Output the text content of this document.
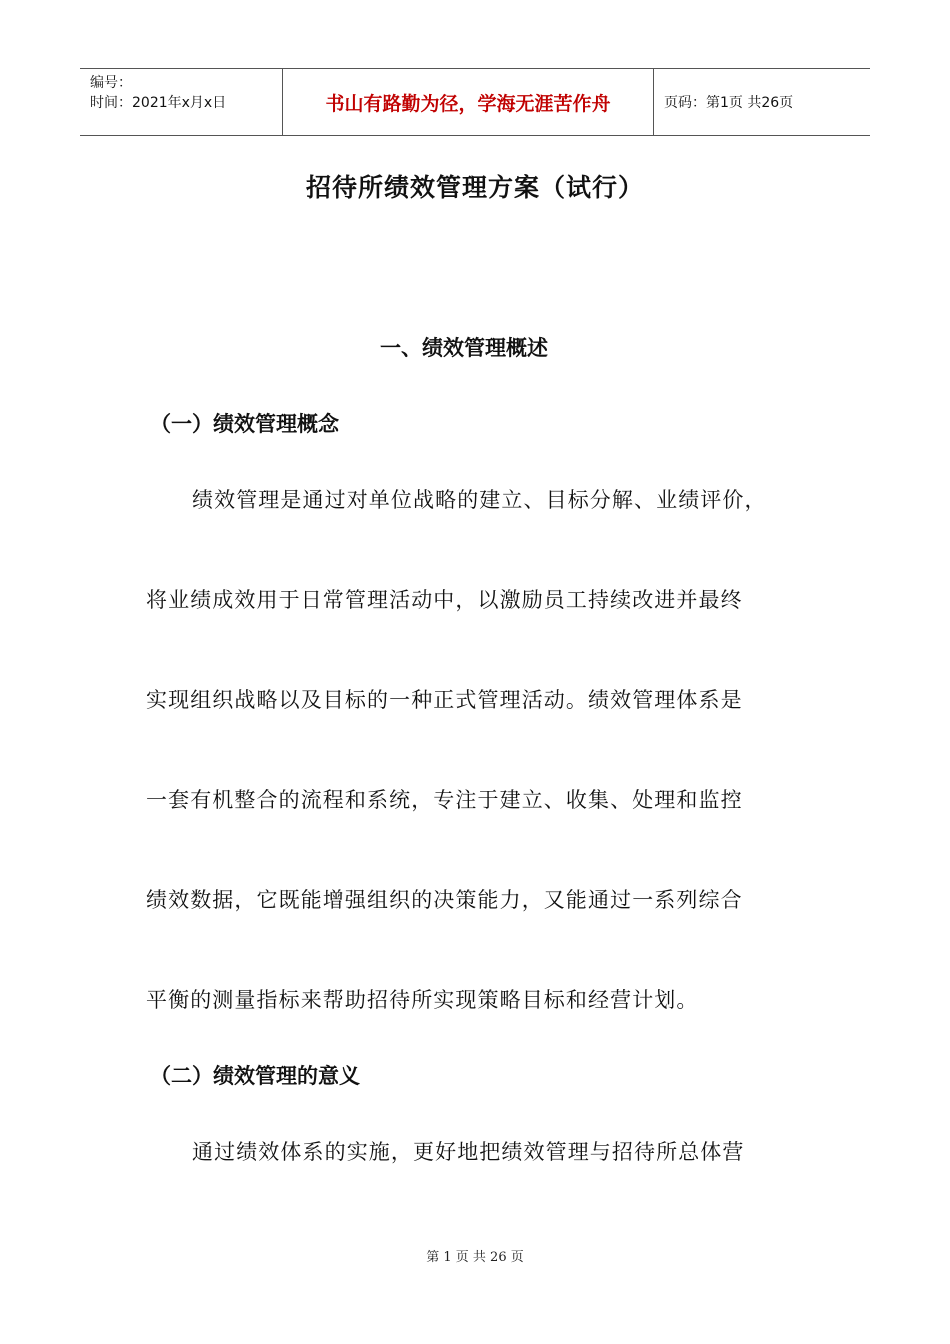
编号：
时间：2021年x月x日	书山有路勤为径，学海无涯苦作舟	页码：第1页 共26页
招待所绩效管理方案（试行）
一、绩效管理概述
（一）绩效管理概念
绩效管理是通过对单位战略的建立、目标分解、业绩评价，
将业绩成效用于日常管理活动中，以激励员工持续改进并最终
实现组织战略以及目标的一种正式管理活动。绩效管理体系是
一套有机整合的流程和系统，专注于建立、收集、处理和监控
绩效数据，它既能增强组织的决策能力，又能通过一系列综合
平衡的测量指标来帮助招待所实现策略目标和经营计划。
（二）绩效管理的意义
通过绩效体系的实施，更好地把绩效管理与招待所总体营
第 1 页 共 26 页
